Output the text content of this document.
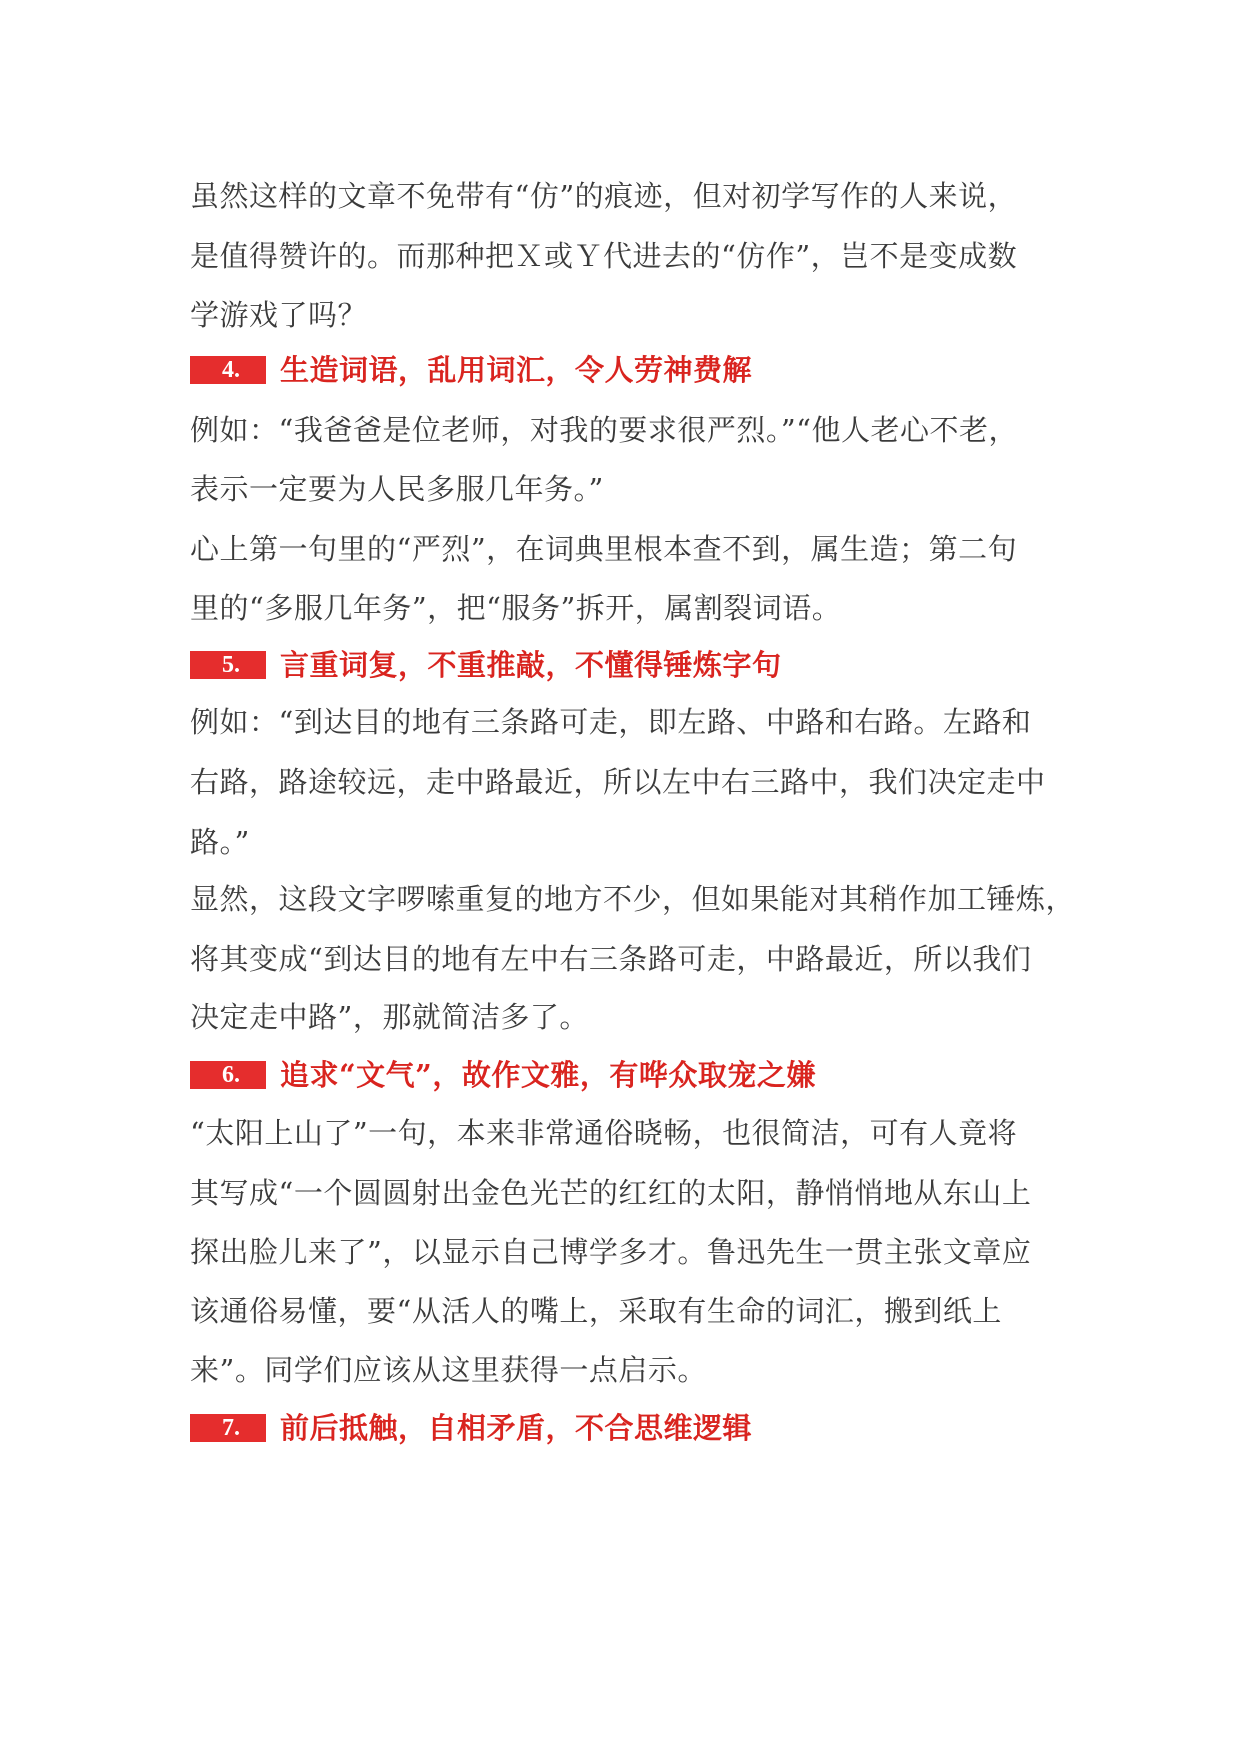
虽然这样的文章不免带有“仿”的痕迹，但对初学写作的人来说，
是值得赞许的。而那种把Ｘ或Ｙ代进去的“仿作”，岂不是变成数
学游戏了吗？
4.	生造词语，乱用词汇，令人劳神费解
例如：“我爸爸是位老师，对我的要求很严烈。”“他人老心不老，
表示一定要为人民多服几年务。”
心上第一句里的“严烈”，在词典里根本查不到，属生造；第二句
里的“多服几年务”，把“服务”拆开，属割裂词语。
5.	言重词复，不重推敲，不懂得锤炼字句
例如：“到达目的地有三条路可走，即左路、中路和右路。左路和
右路，路途较远，走中路最近，所以左中右三路中，我们决定走中
路。”
显然，这段文字啰嗦重复的地方不少，但如果能对其稍作加工锤炼，
将其变成“到达目的地有左中右三条路可走，中路最近，所以我们
决定走中路”，那就简洁多了。
6.	追求“文气”，故作文雅，有哗众取宠之嫌
“太阳上山了”一句，本来非常通俗晓畅，也很简洁，可有人竟将
其写成“一个圆圆射出金色光芒的红红的太阳，静悄悄地从东山上
探出脸儿来了”，以显示自己博学多才。鲁迅先生一贯主张文章应
该通俗易懂，要“从活人的嘴上，采取有生命的词汇，搬到纸上
来”。同学们应该从这里获得一点启示。
7.	前后抵触，自相矛盾，不合思维逻辑
